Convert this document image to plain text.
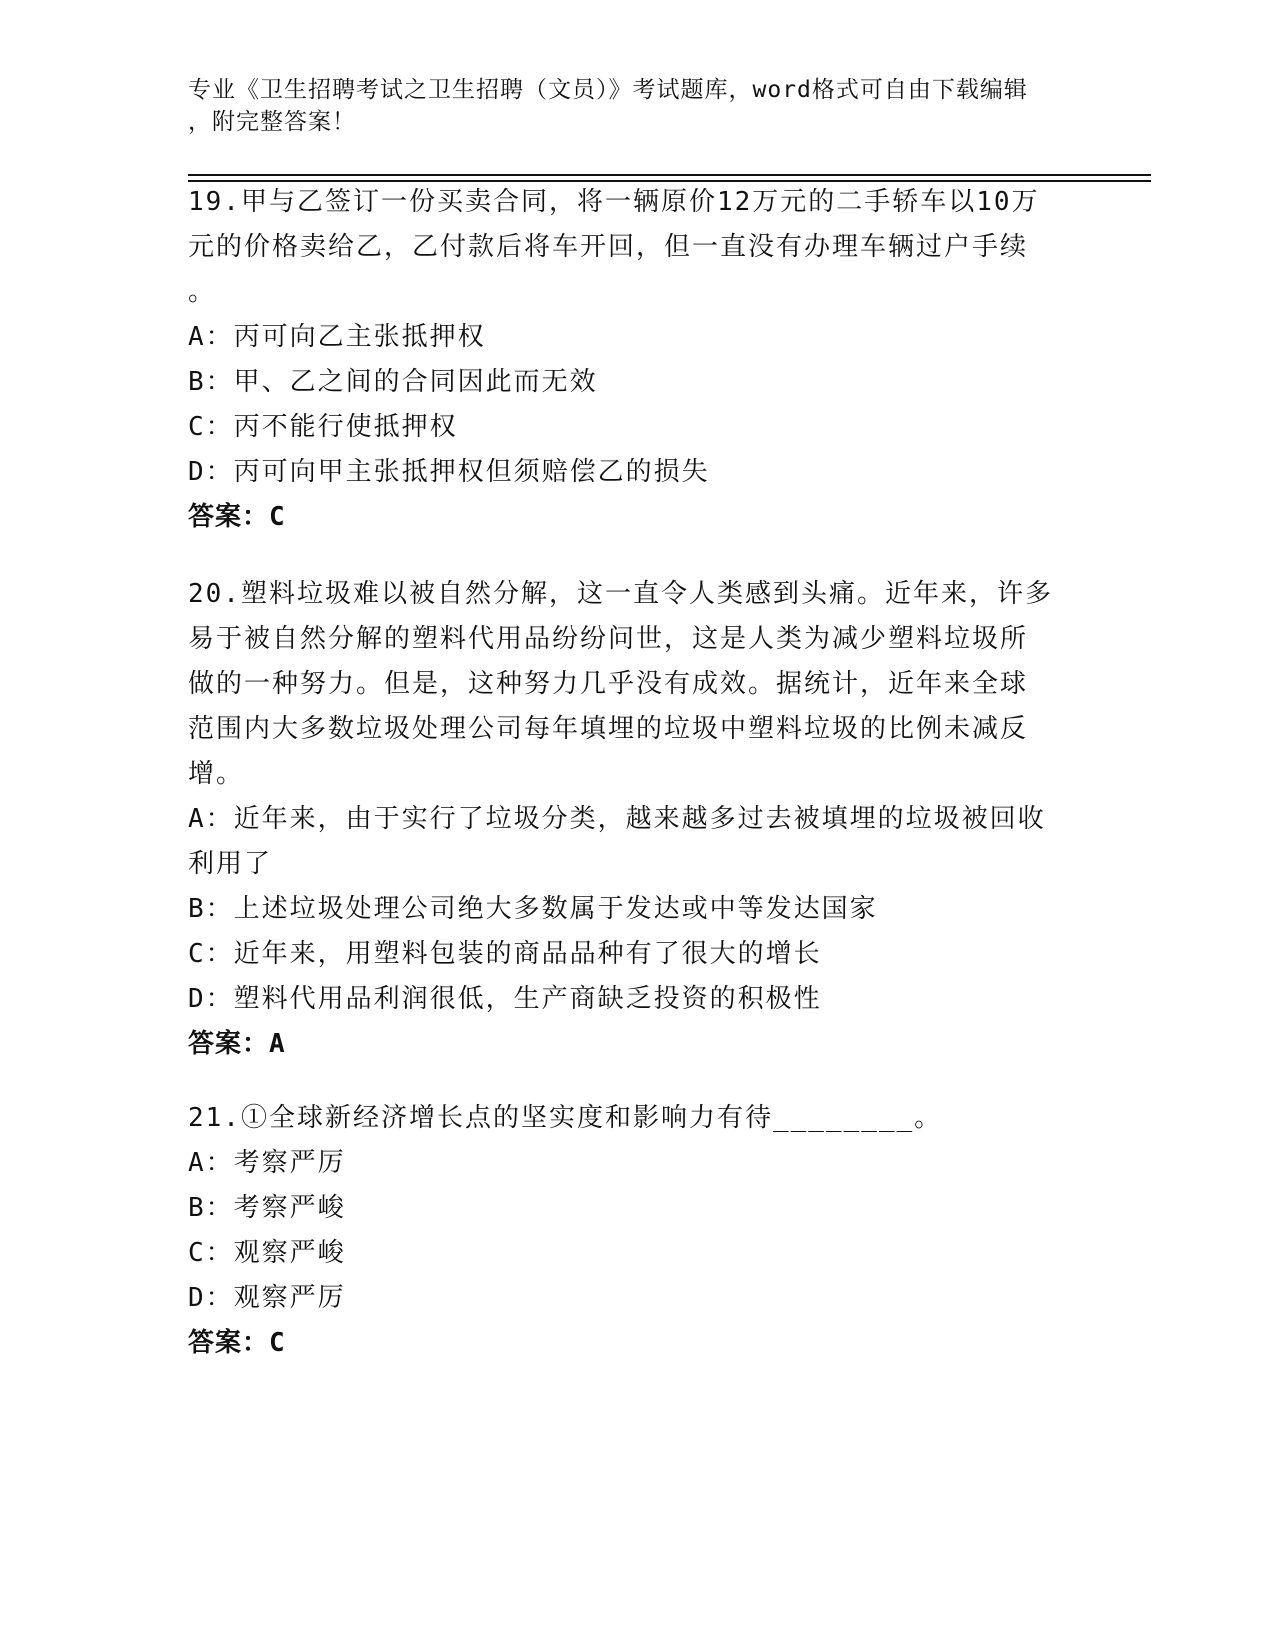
专业《卫生招聘考试之卫生招聘（文员）》考试题库，word格式可自由下载编辑
，附完整答案！

19.甲与乙签订一份买卖合同，将一辆原价12万元的二手轿车以10万

元的价格卖给乙，乙付款后将车开回，但一直没有办理车辆过户手续

。

A：丙可向乙主张抵押权

B：甲、乙之间的合同因此而无效

C：丙不能行使抵押权

D：丙可向甲主张抵押权但须赔偿乙的损失

答案：C

20.塑料垃圾难以被自然分解，这一直令人类感到头痛。近年来，许多

易于被自然分解的塑料代用品纷纷问世，这是人类为减少塑料垃圾所

做的一种努力。但是，这种努力几乎没有成效。据统计，近年来全球

范围内大多数垃圾处理公司每年填埋的垃圾中塑料垃圾的比例未减反

增。

A：近年来，由于实行了垃圾分类，越来越多过去被填埋的垃圾被回收

利用了

B：上述垃圾处理公司绝大多数属于发达或中等发达国家

C：近年来，用塑料包装的商品品种有了很大的增长

D：塑料代用品利润很低，生产商缺乏投资的积极性

答案：A

21.①全球新经济增长点的坚实度和影响力有待________。

A：考察严厉

B：考察严峻

C：观察严峻

D：观察严厉

答案：C
